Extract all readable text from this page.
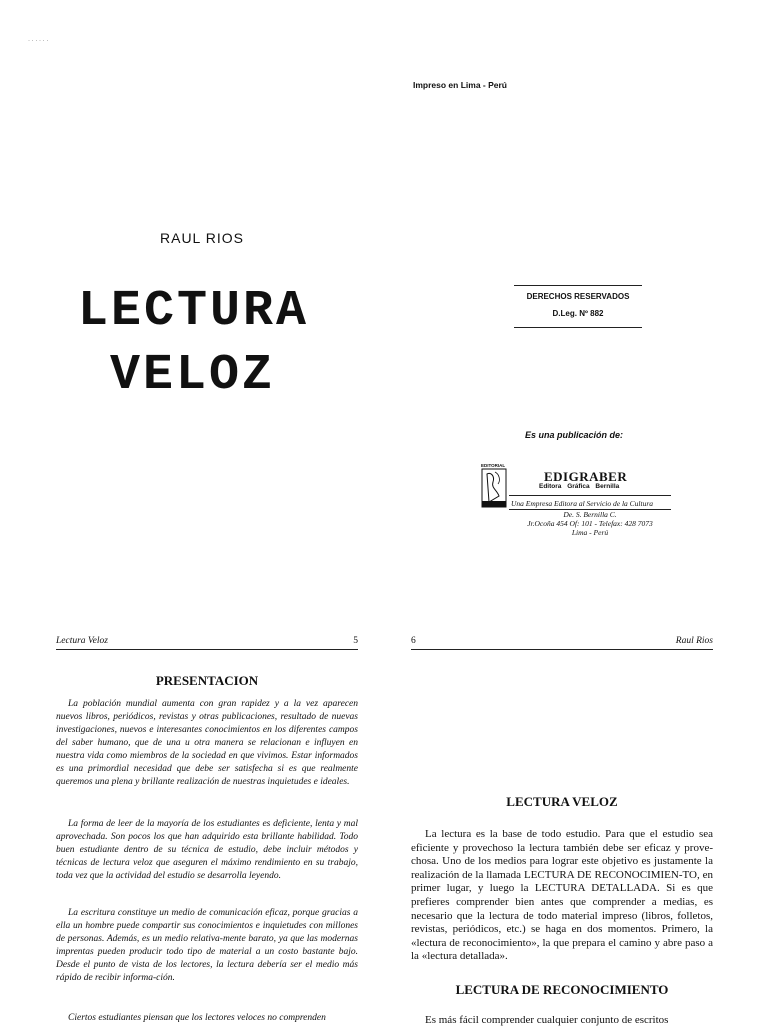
· · · · · ·
Impreso en Lima - Perú
RAUL RIOS
LECTURA
VELOZ
DERECHOS RESERVADOS
D.Leg. Nº 882
Es una publicación de:
EDITORIAL
EDIGRABER
Editora Gráfica Bernilla
Una Empresa Editora al Servicio de la Cultura
De. S. Bernilla C.
Jr.Ocoña 454 Of: 101 - Telefax: 428 7073
Lima - Perú
Lectura Veloz	5
PRESENTACION

La población mundial aumenta con gran rapidez y a la vez aparecen nuevos libros, periódicos, revistas y otras publicaciones, resultado de nuevas investigaciones, nuevos e interesantes conocimientos en los diferentes campos del saber humano, que de una u otra manera se relacionan e influyen en nuestra vida como miembros de la sociedad en que vivimos. Estar informados es una primordial necesidad que debe ser satisfecha si es que realmente queremos una plena y brillante realización de nuestras inquietudes e ideales.

La forma de leer de la mayoría de los estudiantes es deficiente, lenta y mal aprovechada. Son pocos los que han adquirido esta brillante habilidad. Todo buen estudiante dentro de su técnica de estudio, debe incluir métodos y técnicas de lectura veloz que aseguren el máximo rendimiento en su trabajo, toda vez que la actividad del estudio se desarrolla leyendo.

La escritura constituye un medio de comunicación eficaz, porque gracias a ella un hombre puede compartir sus conocimientos e inquietudes con millones de personas. Además, es un medio relativa-mente barato, ya que las modernas imprentas pueden producir todo tipo de material a un costo bastante bajo. Desde el punto de vista de los lectores, la lectura debería ser el medio más rápido de recibir informa-ción.

Ciertos estudiantes piensan que los lectores veloces no comprenden

6	Raul Rios
LECTURA VELOZ

La lectura es la base de todo estudio. Para que el estudio sea eficiente y provechoso la lectura también debe ser eficaz y prove-chosa. Uno de los medios para lograr este objetivo es justamente la realización de la llamada LECTURA DE RECONOCIMIEN-TO, en primer lugar, y luego la LECTURA DETALLADA. Si es que prefieres comprender bien antes que comprender a medias, es necesario que la lectura de todo material impreso (libros, folletos, revistas, periódicos, etc.) se haga en dos momentos. Primero, la «lectura de reconocimiento», la que prepara el camino y abre paso a la «lectura detallada».

LECTURA DE RECONOCIMIENTO

Es más fácil comprender cualquier conjunto de escritos
